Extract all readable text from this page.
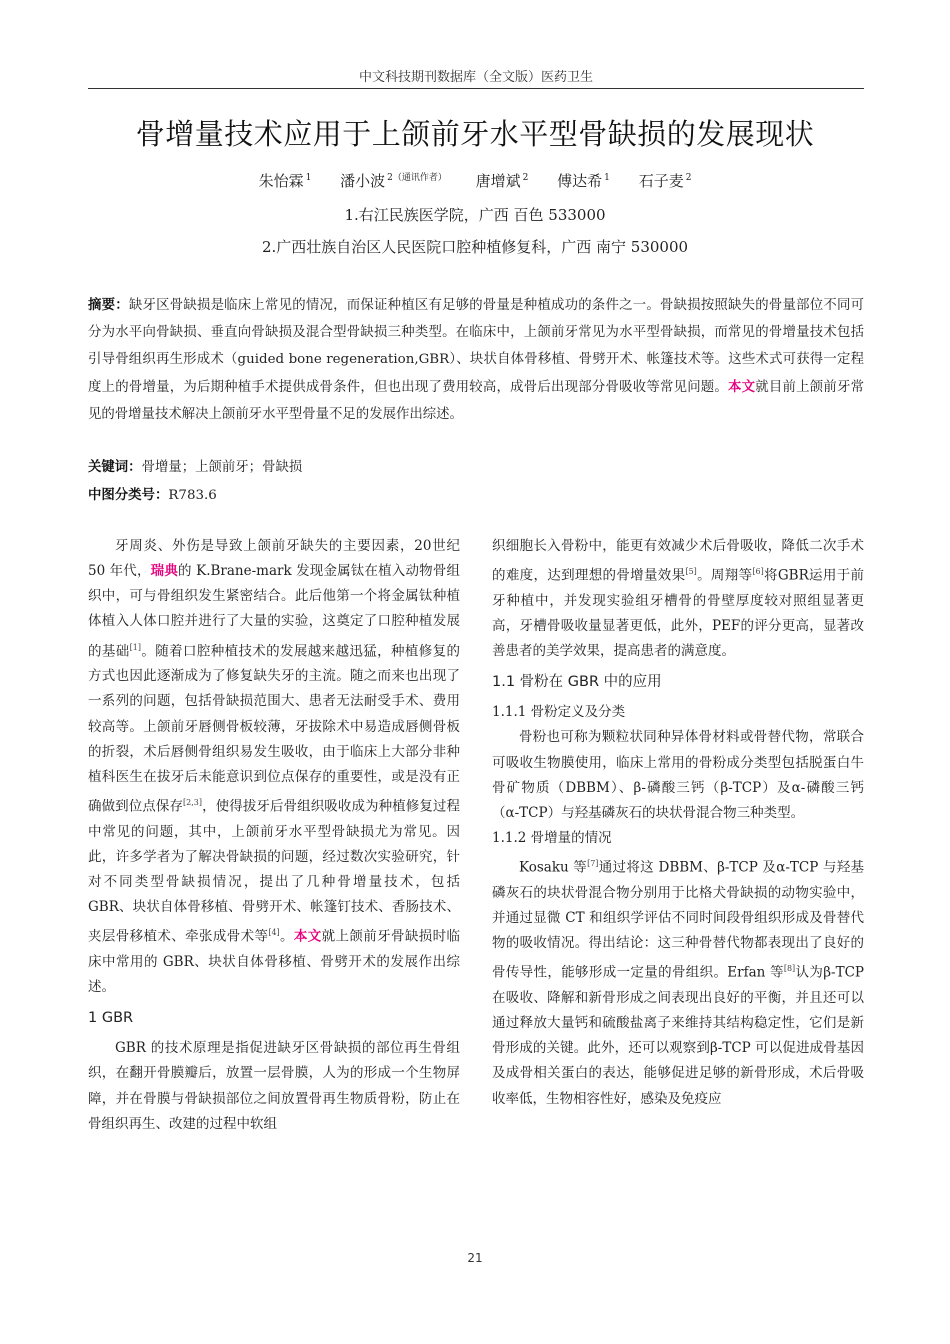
中文科技期刊数据库（全文版）医药卫生
骨增量技术应用于上颌前牙水平型骨缺损的发展现状
朱怡霖 $^1$ 潘小波 $^{2(通讯作者)}$ 唐增斌 $^2$ 傅达希 $^1$ 石子麦 $^2$
1.右江民族医学院，广西 百色 533000
2.广西壮族自治区人民医院口腔种植修复科，广西 南宁 530000
摘要：缺牙区骨缺损是临床上常见的情况，而保证种植区有足够的骨量是种植成功的条件之一。骨缺损按照缺失的骨量部位不同可分为水平向骨缺损、垂直向骨缺损及混合型骨缺损三种类型。在临床中，上颌前牙常见为水平型骨缺损，而常见的骨增量技术包括引导骨组织再生形成术（guided bone regeneration,GBR）、块状自体骨移植、骨劈开术、帐篷技术等。这些术式可获得一定程度上的骨增量，为后期种植手术提供成骨条件，但也出现了费用较高，成骨后出现部分骨吸收等常见问题。本文就目前上颌前牙常见的骨增量技术解决上颌前牙水平型骨量不足的发展作出综述。
关键词：骨增量；上颌前牙；骨缺损
中图分类号：R783.6

牙周炎、外伤是导致上颌前牙缺失的主要因素，20世纪 50 年代，瑞典的 K.Brane-mark 发现金属钛在植入动物骨组织中，可与骨组织发生紧密结合。此后他第一个将金属钛种植体植入人体口腔并进行了大量的实验，这奠定了口腔种植发展的基础[1]。随着口腔种植技术的发展越来越迅猛，种植修复的方式也因此逐渐成为了修复缺失牙的主流。随之而来也出现了一系列的问题，包括骨缺损范围大、患者无法耐受手术、费用较高等。上颌前牙唇侧骨板较薄，牙拔除术中易造成唇侧骨板的折裂，术后唇侧骨组织易发生吸收，由于临床上大部分非种植科医生在拔牙后未能意识到位点保存的重要性，或是没有正确做到位点保存[2,3]，使得拔牙后骨组织吸收成为种植修复过程中常见的问题，其中，上颌前牙水平型骨缺损尤为常见。因此，许多学者为了解决骨缺损的问题，经过数次实验研究，针对不同类型骨缺损情况，提出了几种骨增量技术，包括 GBR、块状自体骨移植、骨劈开术、帐篷钉技术、香肠技术、夹层骨移植术、牵张成骨术等[4]。本文就上颌前牙骨缺损时临床中常用的 GBR、块状自体骨移植、骨劈开术的发展作出综述。

1 GBR

GBR 的技术原理是指促进缺牙区骨缺损的部位再生骨组织，在翻开骨膜瓣后，放置一层骨膜，人为的形成一个生物屏障，并在骨膜与骨缺损部位之间放置骨再生物质骨粉，防止在骨组织再生、改建的过程中软组

织细胞长入骨粉中，能更有效减少术后骨吸收，降低二次手术的难度，达到理想的骨增量效果[5]。周翔等[6]将GBR运用于前牙种植中，并发现实验组牙槽骨的骨壁厚度较对照组显著更高，牙槽骨吸收量显著更低，此外，PEF的评分更高，显著改善患者的美学效果，提高患者的满意度。

1.1 骨粉在 GBR 中的应用
1.1.1 骨粉定义及分类

骨粉也可称为颗粒状同种异体骨材料或骨替代物，常联合可吸收生物膜使用，临床上常用的骨粉成分类型包括脱蛋白牛骨矿物质（DBBM）、β-磷酸三钙（β-TCP）及α-磷酸三钙（α-TCP）与羟基磷灰石的块状骨混合物三种类型。

1.1.2 骨增量的情况

Kosaku 等[7]通过将这 DBBM、β-TCP 及α-TCP 与羟基磷灰石的块状骨混合物分别用于比格犬骨缺损的动物实验中，并通过显微 CT 和组织学评估不同时间段骨组织形成及骨替代物的吸收情况。得出结论：这三种骨替代物都表现出了良好的骨传导性，能够形成一定量的骨组织。Erfan 等[8]认为β-TCP 在吸收、降解和新骨形成之间表现出良好的平衡，并且还可以通过释放大量钙和硫酸盐离子来维持其结构稳定性，它们是新骨形成的关键。此外，还可以观察到β-TCP 可以促进成骨基因及成骨相关蛋白的表达，能够促进足够的新骨形成，术后骨吸收率低，生物相容性好，感染及免疫应

21
